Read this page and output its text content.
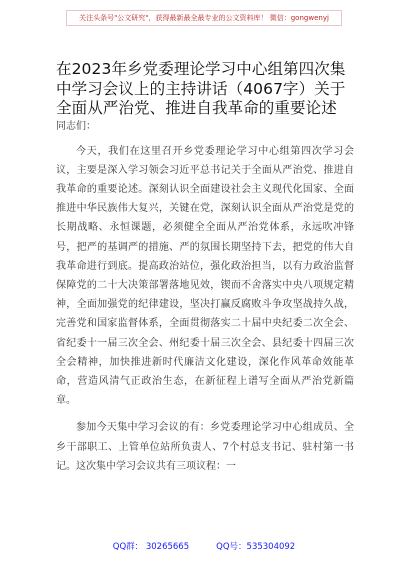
关注头条号"公文研究"，获得最新最全最专业的公文资料库！ 微信：gongwenyj
在2023年乡党委理论学习中心组第四次集中学习会议上的主持讲话（4067字）关于全面从严治党、推进自我革命的重要论述

同志们：

今天，我们在这里召开乡党委理论学习中心组第四次学习会议，主要是深入学习领会习近平总书记关于全面从严治党、推进自我革命的重要论述。深刻认识全面建设社会主义现代化国家、全面推进中华民族伟大复兴，关键在党，深刻认识全面从严治党是党的长期战略、永恒课题，必须健全全面从严治党体系，永远吹冲锋号，把严的基调严的措施、严的氛围长期坚持下去，把党的伟大自我革命进行到底。提高政治站位，强化政治担当，以有力政治监督保障党的二十大决策部署落地见效，锲而不舍落实中央八项规定精神，全面加强党的纪律建设，坚决打赢反腐败斗争攻坚战持久战，完善党和国家监督体系，全面贯彻落实二十届中央纪委二次全会、省纪委十一届三次全会、州纪委十届三次全会、县纪委十四届三次全会精神，加快推进新时代廉洁文化建设，深化作风革命效能革命，营造风清气正政治生态，在新征程上谱写全面从严治党新篇章。

参加今天集中学习会议的有：乡党委理论学习中心组成员、全乡干部职工、上管单位站所负责人、7个村总支书记、驻村第一书记。这次集中学习会议共有三项议程：一

QQ群： 30265665	QQ号：535304092
